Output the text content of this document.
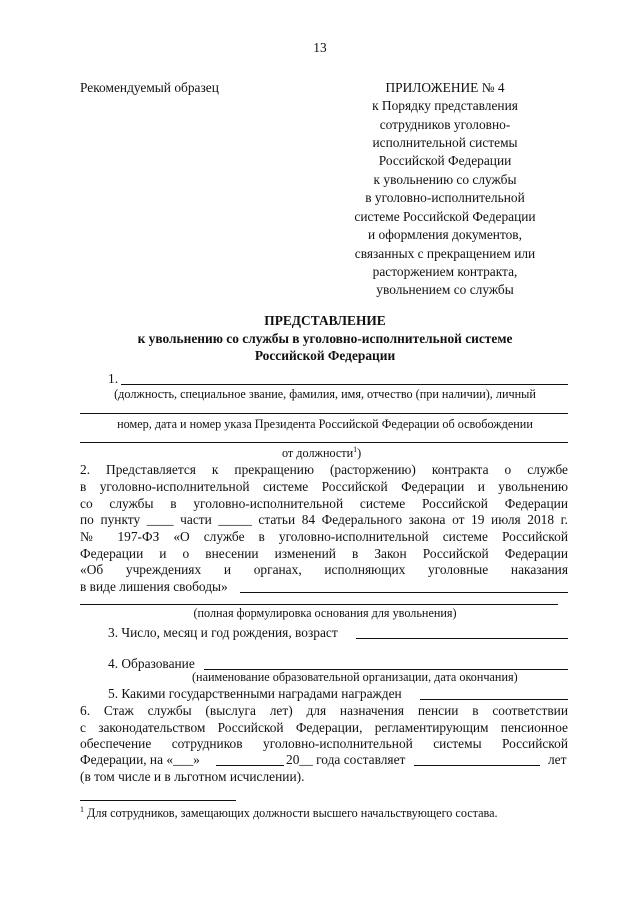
13
Рекомендуемый образец	ПРИЛОЖЕНИЕ № 4
к Порядку представления
сотрудников уголовно-
исполнительной системы
Российской Федерации
к увольнению со службы
в уголовно-исполнительной
системе Российской Федерации
и оформления документов,
связанных с прекращением или
расторжением контракта,
увольнением со службы
ПРЕДСТАВЛЕНИЕ
к увольнению со службы в уголовно-исполнительной системе
Российской Федерации
1.
(должность, специальное звание, фамилия, имя, отчество (при наличии), личный
номер, дата и номер указа Президента Российской Федерации об освобождении
от должности$^1$)
2. Представляется к прекращению (расторжению) контракта о службе
в уголовно-исполнительной системе Российской Федерации и увольнению
со службы в уголовно-исполнительной системе Российской Федерации
по пункту ____ части _____ статьи 84 Федерального закона от 19 июля 2018 г.
№ 197-ФЗ «О службе в уголовно-исполнительной системе Российской
Федерации и о внесении изменений в Закон Российской Федерации
«Об учреждениях и органах, исполняющих уголовные наказания
в виде лишения свободы»
(полная формулировка основания для увольнения)
3. Число, месяц и год рождения, возраст
4. Образование
(наименование образовательной организации, дата окончания)
5. Какими государственными наградами награжден
6. Стаж службы (выслуга лет) для назначения пенсии в соответствии
с законодательством Российской Федерации, регламентирующим пенсионное
обеспечение сотрудников уголовно-исполнительной системы Российской
Федерации, на «___»	20__ года составляет	лет
(в том числе и в льготном исчислении).
$^1$ Для сотрудников, замещающих должности высшего начальствующего состава.
